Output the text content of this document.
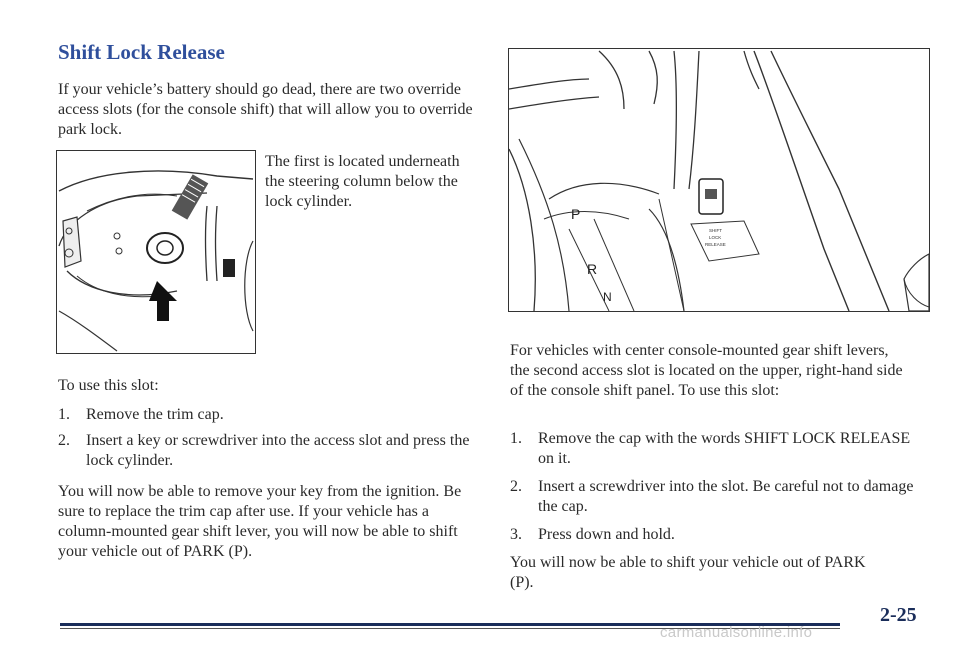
Shift Lock Release

If your vehicle’s battery should go dead, there are two override access slots (for the console shift) that will allow you to override park lock.

The first is located underneath the steering column below the lock cylinder.

To use this slot:

1.	Remove the trim cap.
2.	Insert a key or screwdriver into the access slot and press the lock cylinder.

You will now be able to remove your key from the ignition. Be sure to replace the trim cap after use. If your vehicle has a column-mounted gear shift lever, you will now be able to shift your vehicle out of PARK (P).

P
R
N
SHIFT
LOCK
RELEASE

For vehicles with center console-mounted gear shift levers, the second access slot is located on the upper, right-hand side of the console shift panel. To use this slot:

1.	Remove the cap with the words SHIFT LOCK RELEASE on it.
2.	Insert a screwdriver into the slot. Be careful not to damage the cap.
3.	Press down and hold.

You will now be able to shift your vehicle out of PARK (P).

2-25
carmanualsonline.info
